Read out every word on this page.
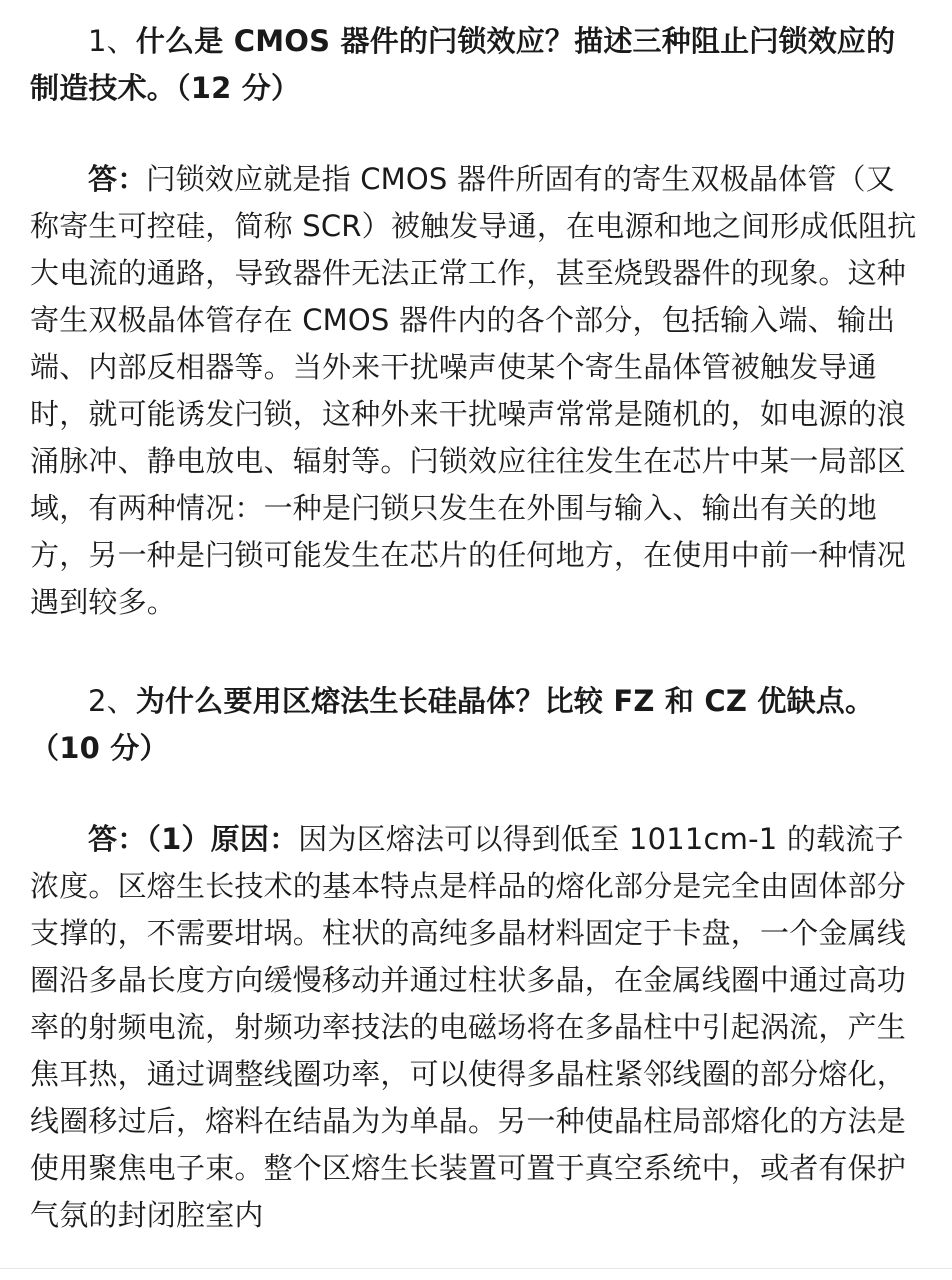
1、什么是 CMOS 器件的闩锁效应？描述三种阻止闩锁效应的制造技术。（12 分）

答：闩锁效应就是指 CMOS 器件所固有的寄生双极晶体管（又称寄生可控硅，简称 SCR）被触发导通，在电源和地之间形成低阻抗大电流的通路，导致器件无法正常工作，甚至烧毁器件的现象。这种寄生双极晶体管存在 CMOS 器件内的各个部分，包括输入端、输出端、内部反相器等。当外来干扰噪声使某个寄生晶体管被触发导通时，就可能诱发闩锁，这种外来干扰噪声常常是随机的，如电源的浪涌脉冲、静电放电、辐射等。闩锁效应往往发生在芯片中某一局部区域，有两种情况：一种是闩锁只发生在外围与输入、输出有关的地方，另一种是闩锁可能发生在芯片的任何地方，在使用中前一种情况遇到较多。

2、为什么要用区熔法生长硅晶体？比较 FZ 和 CZ 优缺点。（10 分）

答：（1）原因：因为区熔法可以得到低至 1011cm-1 的载流子浓度。区熔生长技术的基本特点是样品的熔化部分是完全由固体部分支撑的，不需要坩埚。柱状的高纯多晶材料固定于卡盘，一个金属线圈沿多晶长度方向缓慢移动并通过柱状多晶，在金属线圈中通过高功率的射频电流，射频功率技法的电磁场将在多晶柱中引起涡流，产生焦耳热，通过调整线圈功率，可以使得多晶柱紧邻线圈的部分熔化，线圈移过后，熔料在结晶为为单晶。另一种使晶柱局部熔化的方法是使用聚焦电子束。整个区熔生长装置可置于真空系统中，或者有保护气氛的封闭腔室内
